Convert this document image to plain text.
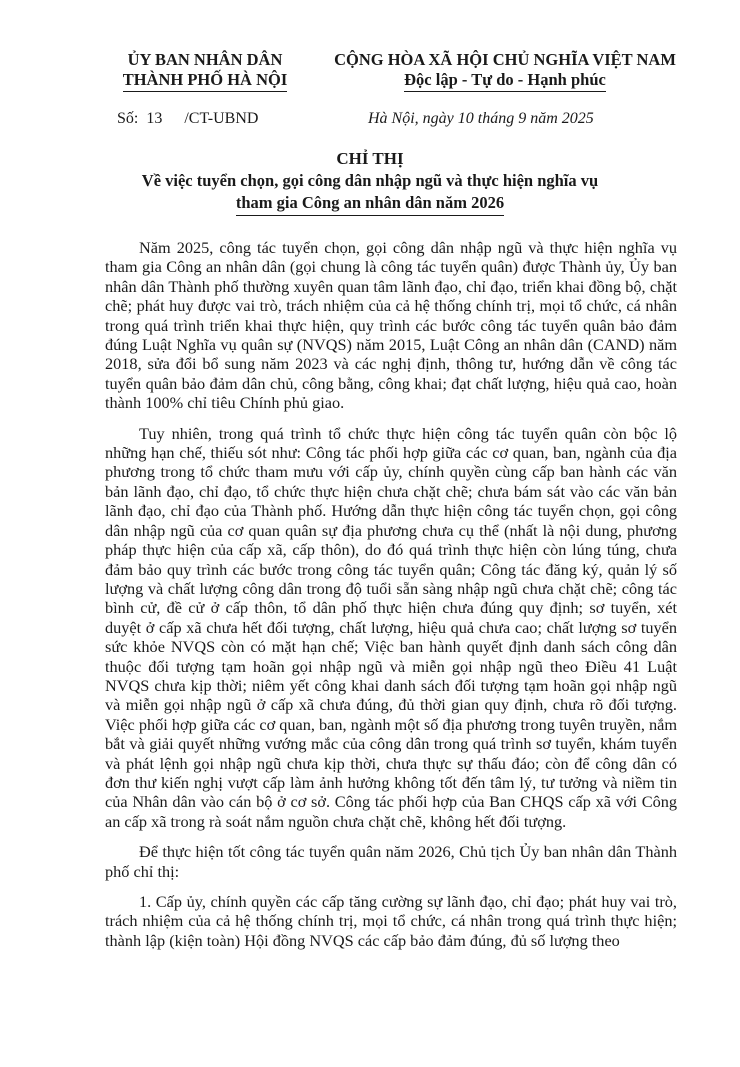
ỦY BAN NHÂN DÂN
THÀNH PHỐ HÀ NỘI
CỘNG HÒA XÃ HỘI CHỦ NGHĨA VIỆT NAM
Độc lập - Tự do - Hạnh phúc
Số: 13 /CT-UBND	Hà Nội, ngày 10 tháng 9 năm 2025
CHỈ THỊ
Về việc tuyển chọn, gọi công dân nhập ngũ và thực hiện nghĩa vụ
tham gia Công an nhân dân năm 2026

Năm 2025, công tác tuyển chọn, gọi công dân nhập ngũ và thực hiện nghĩa vụ tham gia Công an nhân dân (gọi chung là công tác tuyển quân) được Thành ủy, Ủy ban nhân dân Thành phố thường xuyên quan tâm lãnh đạo, chỉ đạo, triển khai đồng bộ, chặt chẽ; phát huy được vai trò, trách nhiệm của cả hệ thống chính trị, mọi tổ chức, cá nhân trong quá trình triển khai thực hiện, quy trình các bước công tác tuyển quân bảo đảm đúng Luật Nghĩa vụ quân sự (NVQS) năm 2015, Luật Công an nhân dân (CAND) năm 2018, sửa đổi bổ sung năm 2023 và các nghị định, thông tư, hướng dẫn về công tác tuyển quân bảo đảm dân chủ, công bằng, công khai; đạt chất lượng, hiệu quả cao, hoàn thành 100% chỉ tiêu Chính phủ giao.

Tuy nhiên, trong quá trình tổ chức thực hiện công tác tuyển quân còn bộc lộ những hạn chế, thiếu sót như: Công tác phối hợp giữa các cơ quan, ban, ngành của địa phương trong tổ chức tham mưu với cấp ủy, chính quyền cùng cấp ban hành các văn bản lãnh đạo, chỉ đạo, tổ chức thực hiện chưa chặt chẽ; chưa bám sát vào các văn bản lãnh đạo, chỉ đạo của Thành phố. Hướng dẫn thực hiện công tác tuyển chọn, gọi công dân nhập ngũ của cơ quan quân sự địa phương chưa cụ thể (nhất là nội dung, phương pháp thực hiện của cấp xã, cấp thôn), do đó quá trình thực hiện còn lúng túng, chưa đảm bảo quy trình các bước trong công tác tuyển quân; Công tác đăng ký, quản lý số lượng và chất lượng công dân trong độ tuổi sẵn sàng nhập ngũ chưa chặt chẽ; công tác bình cử, đề cử ở cấp thôn, tổ dân phố thực hiện chưa đúng quy định; sơ tuyển, xét duyệt ở cấp xã chưa hết đối tượng, chất lượng, hiệu quả chưa cao; chất lượng sơ tuyển sức khỏe NVQS còn có mặt hạn chế; Việc ban hành quyết định danh sách công dân thuộc đối tượng tạm hoãn gọi nhập ngũ và miễn gọi nhập ngũ theo Điều 41 Luật NVQS chưa kịp thời; niêm yết công khai danh sách đối tượng tạm hoãn gọi nhập ngũ và miễn gọi nhập ngũ ở cấp xã chưa đúng, đủ thời gian quy định, chưa rõ đối tượng. Việc phối hợp giữa các cơ quan, ban, ngành một số địa phương trong tuyên truyền, nắm bắt và giải quyết những vướng mắc của công dân trong quá trình sơ tuyển, khám tuyển và phát lệnh gọi nhập ngũ chưa kịp thời, chưa thực sự thấu đáo; còn để công dân có đơn thư kiến nghị vượt cấp làm ảnh hưởng không tốt đến tâm lý, tư tưởng và niềm tin của Nhân dân vào cán bộ ở cơ sở. Công tác phối hợp của Ban CHQS cấp xã với Công an cấp xã trong rà soát nắm nguồn chưa chặt chẽ, không hết đối tượng.

Để thực hiện tốt công tác tuyển quân năm 2026, Chủ tịch Ủy ban nhân dân Thành phố chỉ thị:

1. Cấp ủy, chính quyền các cấp tăng cường sự lãnh đạo, chỉ đạo; phát huy vai trò, trách nhiệm của cả hệ thống chính trị, mọi tổ chức, cá nhân trong quá trình thực hiện; thành lập (kiện toàn) Hội đồng NVQS các cấp bảo đảm đúng, đủ số lượng theo
